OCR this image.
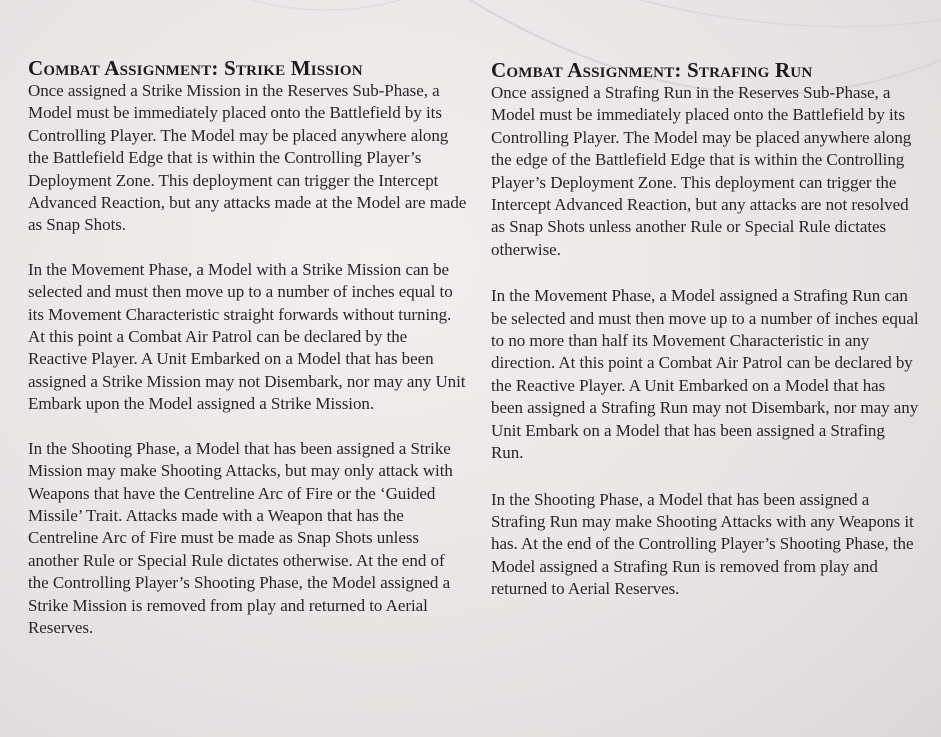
Combat Assignment: Strike Mission

Once assigned a Strike Mission in the Reserves Sub-Phase, a Model must be immediately placed onto the Battlefield by its Controlling Player. The Model may be placed anywhere along the Battlefield Edge that is within the Controlling Player’s Deployment Zone. This deployment can trigger the Intercept Advanced Reaction, but any attacks made at the Model are made as Snap Shots.

In the Movement Phase, a Model with a Strike Mission can be selected and must then move up to a number of inches equal to its Movement Characteristic straight forwards without turning. At this point a Combat Air Patrol can be declared by the Reactive Player. A Unit Embarked on a Model that has been assigned a Strike Mission may not Disembark, nor may any Unit Embark upon the Model assigned a Strike Mission.

In the Shooting Phase, a Model that has been assigned a Strike Mission may make Shooting Attacks, but may only attack with Weapons that have the Centreline Arc of Fire or the ‘Guided Missile’ Trait. Attacks made with a Weapon that has the Centreline Arc of Fire must be made as Snap Shots unless another Rule or Special Rule dictates otherwise. At the end of the Controlling Player’s Shooting Phase, the Model assigned a Strike Mission is removed from play and returned to Aerial Reserves.

Combat Assignment: Strafing Run

Once assigned a Strafing Run in the Reserves Sub-Phase, a Model must be immediately placed onto the Battlefield by its Controlling Player. The Model may be placed anywhere along the edge of the Battlefield Edge that is within the Controlling Player’s Deployment Zone. This deployment can trigger the Intercept Advanced Reaction, but any attacks are not resolved as Snap Shots unless another Rule or Special Rule dictates otherwise.

In the Movement Phase, a Model assigned a Strafing Run can be selected and must then move up to a number of inches equal to no more than half its Movement Characteristic in any direction. At this point a Combat Air Patrol can be declared by the Reactive Player. A Unit Embarked on a Model that has been assigned a Strafing Run may not Disembark, nor may any Unit Embark on a Model that has been assigned a Strafing Run.

In the Shooting Phase, a Model that has been assigned a Strafing Run may make Shooting Attacks with any Weapons it has. At the end of the Controlling Player’s Shooting Phase, the Model assigned a Strafing Run is removed from play and returned to Aerial Reserves.
